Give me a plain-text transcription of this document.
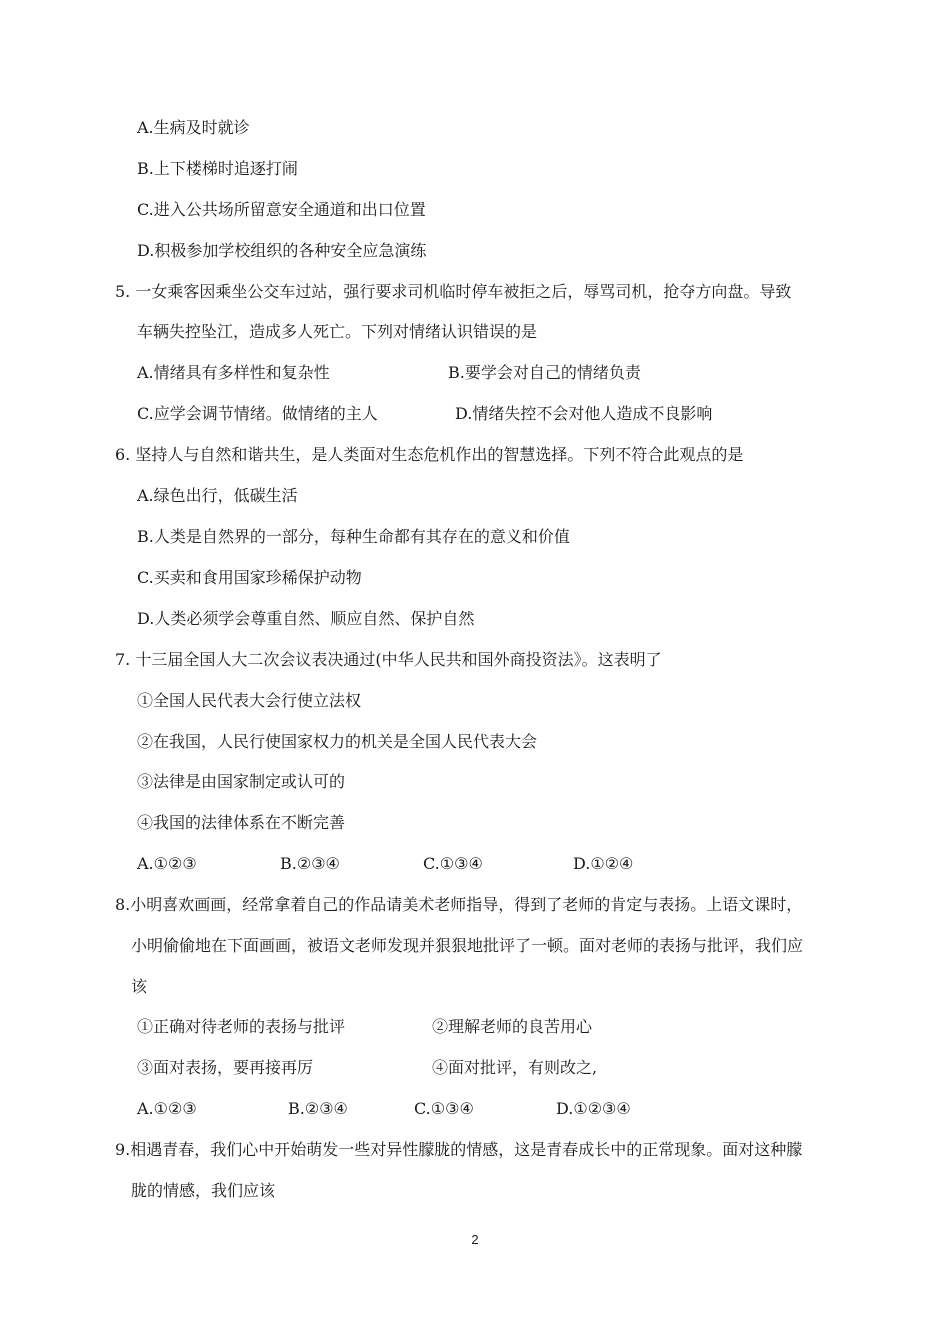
A.生病及时就诊
B.上下楼梯时追逐打闹
C.进入公共场所留意安全通道和出口位置
D.积极参加学校组织的各种安全应急演练
5. 一女乘客因乘坐公交车过站，强行要求司机临时停车被拒之后，辱骂司机，抢夺方向盘。导致
车辆失控坠江，造成多人死亡。下列对情绪认识错误的是
A.情绪具有多样性和复杂性	B.要学会对自己的情绪负责
C.应学会调节情绪。做情绪的主人	D.情绪失控不会对他人造成不良影响
6. 坚持人与自然和谐共生，是人类面对生态危机作出的智慧选择。下列不符合此观点的是
A.绿色出行，低碳生活
B.人类是自然界的一部分，每种生命都有其存在的意义和价值
C.买卖和食用国家珍稀保护动物
D.人类必须学会尊重自然、顺应自然、保护自然
7. 十三届全国人大二次会议表决通过(中华人民共和国外商投资法》。这表明了
①全国人民代表大会行使立法权
②在我国，人民行使国家权力的机关是全国人民代表大会
③法律是由国家制定或认可的
④我国的法律体系在不断完善
A.①②③	B.②③④	C.①③④	D.①②④
8.小明喜欢画画，经常拿着自己的作品请美术老师指导，得到了老师的肯定与表扬。上语文课时，
小明偷偷地在下面画画，被语文老师发现并狠狠地批评了一顿。面对老师的表扬与批评，我们应
该
①正确对待老师的表扬与批评	②理解老师的良苦用心
③面对表扬，要再接再厉	④面对批评，有则改之,
A.①②③	B.②③④	C.①③④	D.①②③④
9.相遇青春，我们心中开始萌发一些对异性朦胧的情感，这是青春成长中的正常现象。面对这种朦
胧的情感，我们应该
2
